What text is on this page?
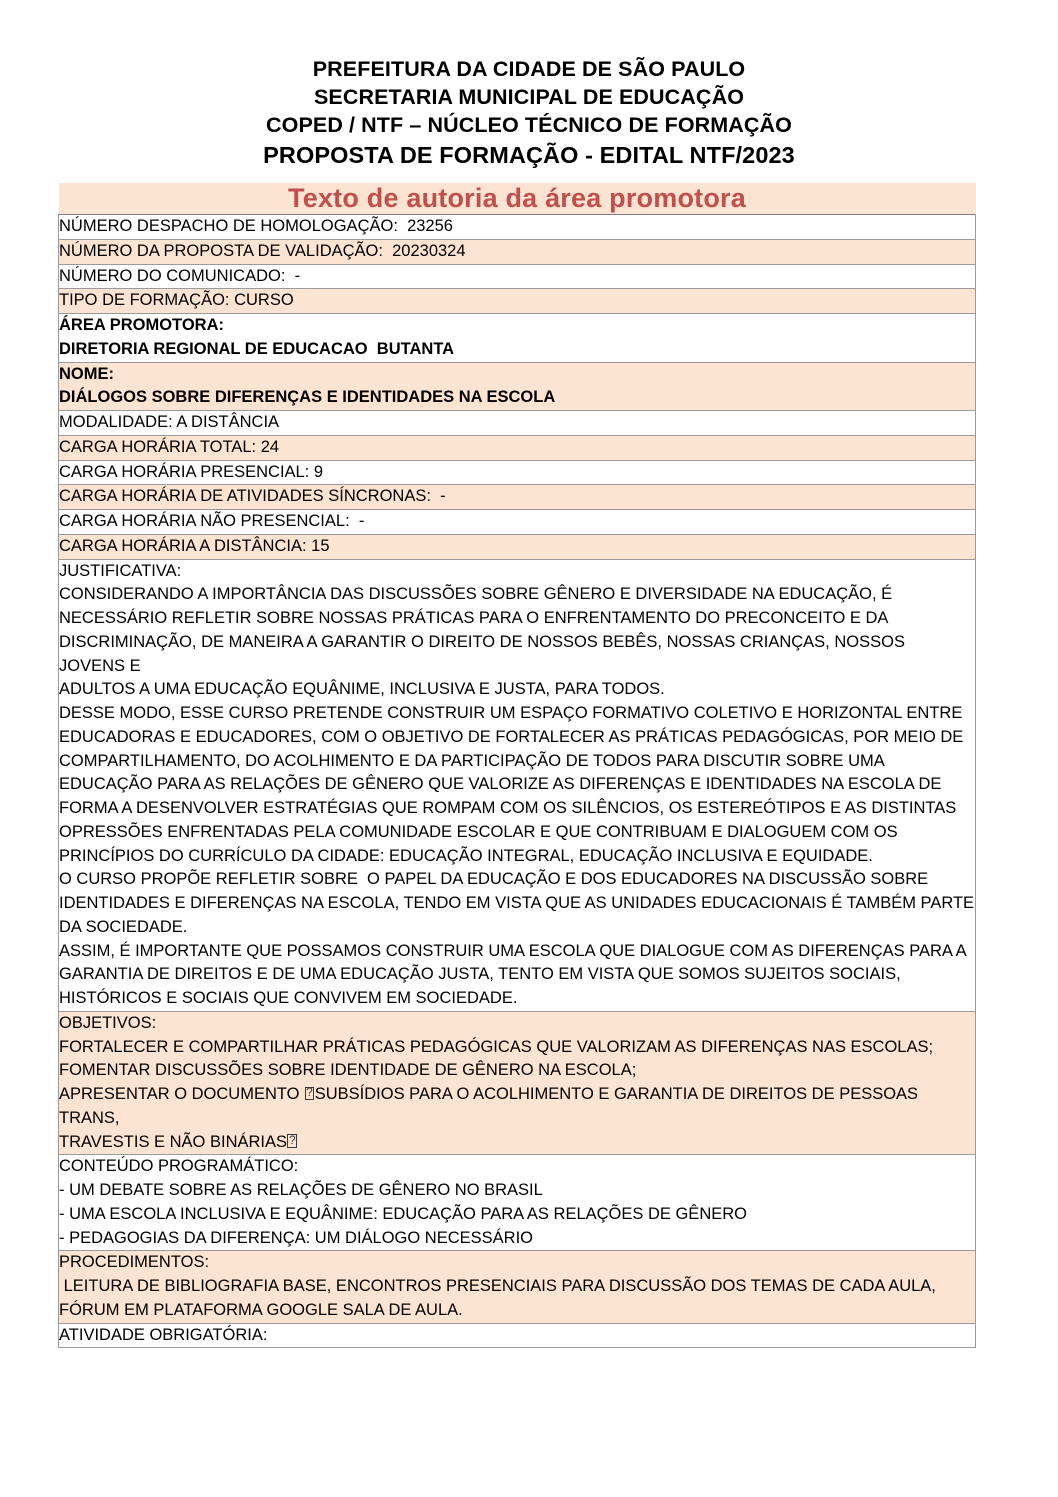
PREFEITURA DA CIDADE DE SÃO PAULO
SECRETARIA MUNICIPAL DE EDUCAÇÃO
COPED / NTF – NÚCLEO TÉCNICO DE FORMAÇÃO
PROPOSTA DE FORMAÇÃO - EDITAL NTF/2023
Texto de autoria da área promotora

NÚMERO DESPACHO DE HOMOLOGAÇÃO:  23256

NÚMERO DA PROPOSTA DE VALIDAÇÃO:  20230324

NÚMERO DO COMUNICADO:  -

TIPO DE FORMAÇÃO: CURSO

ÁREA PROMOTORA:
DIRETORIA REGIONAL DE EDUCACAO  BUTANTA

NOME:
DIÁLOGOS SOBRE DIFERENÇAS E IDENTIDADES NA ESCOLA

MODALIDADE: A DISTÂNCIA

CARGA HORÁRIA TOTAL: 24

CARGA HORÁRIA PRESENCIAL: 9

CARGA HORÁRIA DE ATIVIDADES SÍNCRONAS:  -

CARGA HORÁRIA NÃO PRESENCIAL:  -

CARGA HORÁRIA A DISTÂNCIA: 15

JUSTIFICATIVA:
CONSIDERANDO A IMPORTÂNCIA DAS DISCUSSÕES SOBRE GÊNERO E DIVERSIDADE NA EDUCAÇÃO, É
NECESSÁRIO REFLETIR SOBRE NOSSAS PRÁTICAS PARA O ENFRENTAMENTO DO PRECONCEITO E DA
DISCRIMINAÇÃO, DE MANEIRA A GARANTIR O DIREITO DE NOSSOS BEBÊS, NOSSAS CRIANÇAS, NOSSOS JOVENS E
ADULTOS A UMA EDUCAÇÃO EQUÂNIME, INCLUSIVA E JUSTA, PARA TODOS.
DESSE MODO, ESSE CURSO PRETENDE CONSTRUIR UM ESPAÇO FORMATIVO COLETIVO E HORIZONTAL ENTRE
EDUCADORAS E EDUCADORES, COM O OBJETIVO DE FORTALECER AS PRÁTICAS PEDAGÓGICAS, POR MEIO DE
COMPARTILHAMENTO, DO ACOLHIMENTO E DA PARTICIPAÇÃO DE TODOS PARA DISCUTIR SOBRE UMA
EDUCAÇÃO PARA AS RELAÇÕES DE GÊNERO QUE VALORIZE AS DIFERENÇAS E IDENTIDADES NA ESCOLA DE
FORMA A DESENVOLVER ESTRATÉGIAS QUE ROMPAM COM OS SILÊNCIOS, OS ESTEREÓTIPOS E AS DISTINTAS
OPRESSÕES ENFRENTADAS PELA COMUNIDADE ESCOLAR E QUE CONTRIBUAM E DIALOGUEM COM OS
PRINCÍPIOS DO CURRÍCULO DA CIDADE: EDUCAÇÃO INTEGRAL, EDUCAÇÃO INCLUSIVA E EQUIDADE.
O CURSO PROPÕE REFLETIR SOBRE  O PAPEL DA EDUCAÇÃO E DOS EDUCADORES NA DISCUSSÃO SOBRE
IDENTIDADES E DIFERENÇAS NA ESCOLA, TENDO EM VISTA QUE AS UNIDADES EDUCACIONAIS É TAMBÉM PARTE
DA SOCIEDADE.
ASSIM, É IMPORTANTE QUE POSSAMOS CONSTRUIR UMA ESCOLA QUE DIALOGUE COM AS DIFERENÇAS PARA A
GARANTIA DE DIREITOS E DE UMA EDUCAÇÃO JUSTA, TENTO EM VISTA QUE SOMOS SUJEITOS SOCIAIS,
HISTÓRICOS E SOCIAIS QUE CONVIVEM EM SOCIEDADE.

OBJETIVOS:
FORTALECER E COMPARTILHAR PRÁTICAS PEDAGÓGICAS QUE VALORIZAM AS DIFERENÇAS NAS ESCOLAS;
FOMENTAR DISCUSSÕES SOBRE IDENTIDADE DE GÊNERO NA ESCOLA;
APRESENTAR O DOCUMENTO  ?SUBSÍDIOS PARA O ACOLHIMENTO E GARANTIA DE DIREITOS DE PESSOAS TRANS,
TRAVESTIS E NÃO BINÁRIAS ?

CONTEÚDO PROGRAMÁTICO:
- UM DEBATE SOBRE AS RELAÇÕES DE GÊNERO NO BRASIL
- UMA ESCOLA INCLUSIVA E EQUÂNIME: EDUCAÇÃO PARA AS RELAÇÕES DE GÊNERO
- PEDAGOGIAS DA DIFERENÇA: UM DIÁLOGO NECESSÁRIO

PROCEDIMENTOS:
LEITURA DE BIBLIOGRAFIA BASE, ENCONTROS PRESENCIAIS PARA DISCUSSÃO DOS TEMAS DE CADA AULA,
FÓRUM EM PLATAFORMA GOOGLE SALA DE AULA.

ATIVIDADE OBRIGATÓRIA:
